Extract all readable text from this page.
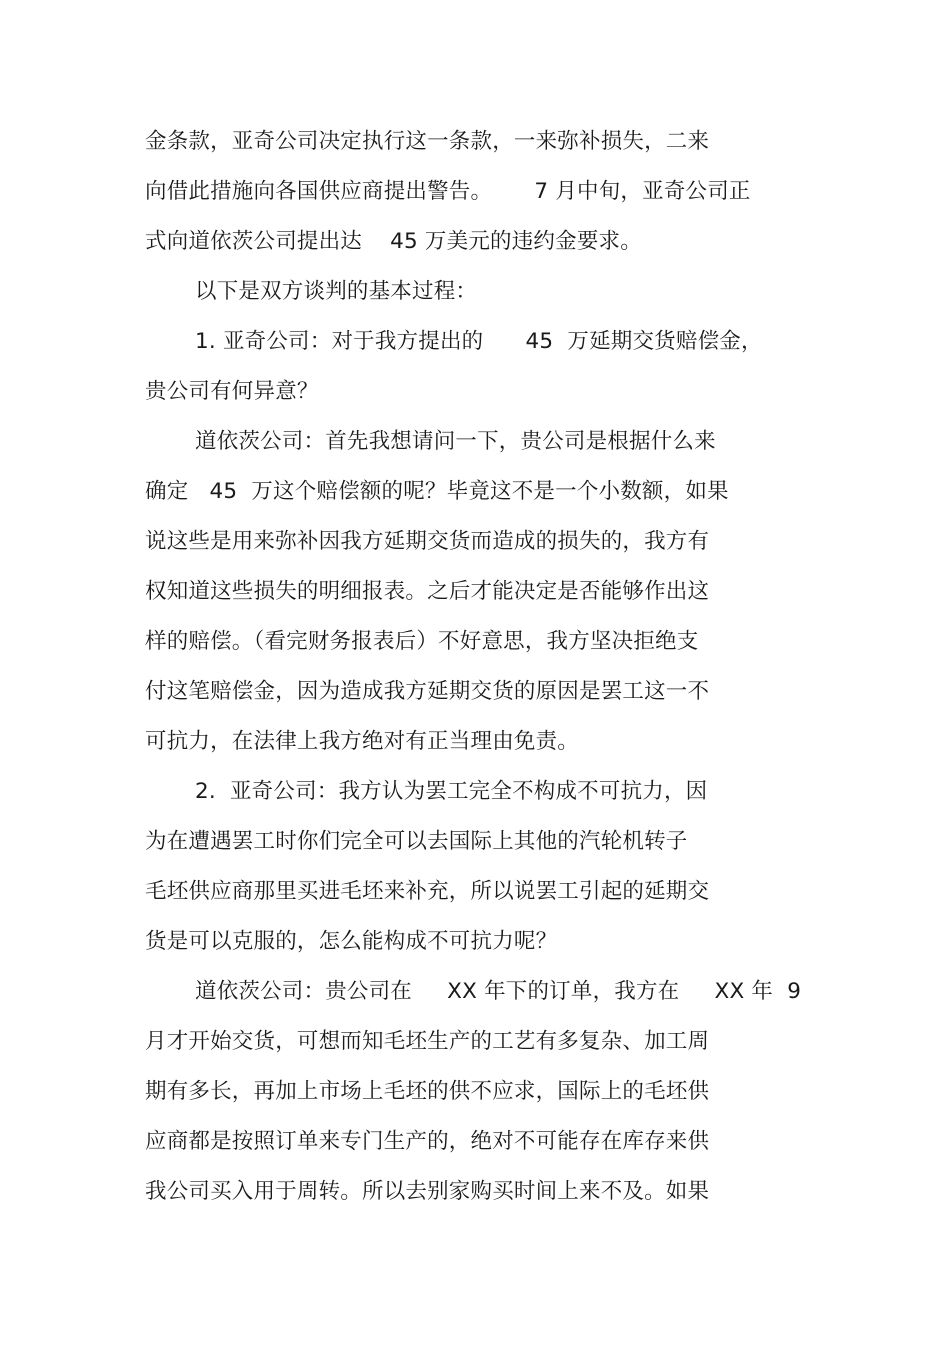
金条款，亚奇公司决定执行这一条款，一来弥补损失，二来
向借此措施向各国供应商提出警告。      7 月中旬，亚奇公司正
式向道依茨公司提出达    45 万美元的违约金要求。
以下是双方谈判的基本过程：
1. 亚奇公司：对于我方提出的      45  万延期交货赔偿金，
贵公司有何异意？
道依茨公司：首先我想请问一下，贵公司是根据什么来
确定   45  万这个赔偿额的呢？毕竟这不是一个小数额，如果
说这些是用来弥补因我方延期交货而造成的损失的，我方有
权知道这些损失的明细报表。之后才能决定是否能够作出这
样的赔偿。（看完财务报表后）不好意思，我方坚决拒绝支
付这笔赔偿金，因为造成我方延期交货的原因是罢工这一不
可抗力，在法律上我方绝对有正当理由免责。
2.  亚奇公司：我方认为罢工完全不构成不可抗力，因
为在遭遇罢工时你们完全可以去国际上其他的汽轮机转子
毛坯供应商那里买进毛坯来补充，所以说罢工引起的延期交
货是可以克服的，怎么能构成不可抗力呢？
道依茨公司：贵公司在     XX 年下的订单，我方在     XX 年  9
月才开始交货，可想而知毛坯生产的工艺有多复杂、加工周
期有多长，再加上市场上毛坯的供不应求，国际上的毛坯供
应商都是按照订单来专门生产的，绝对不可能存在库存来供
我公司买入用于周转。所以去别家购买时间上来不及。如果
